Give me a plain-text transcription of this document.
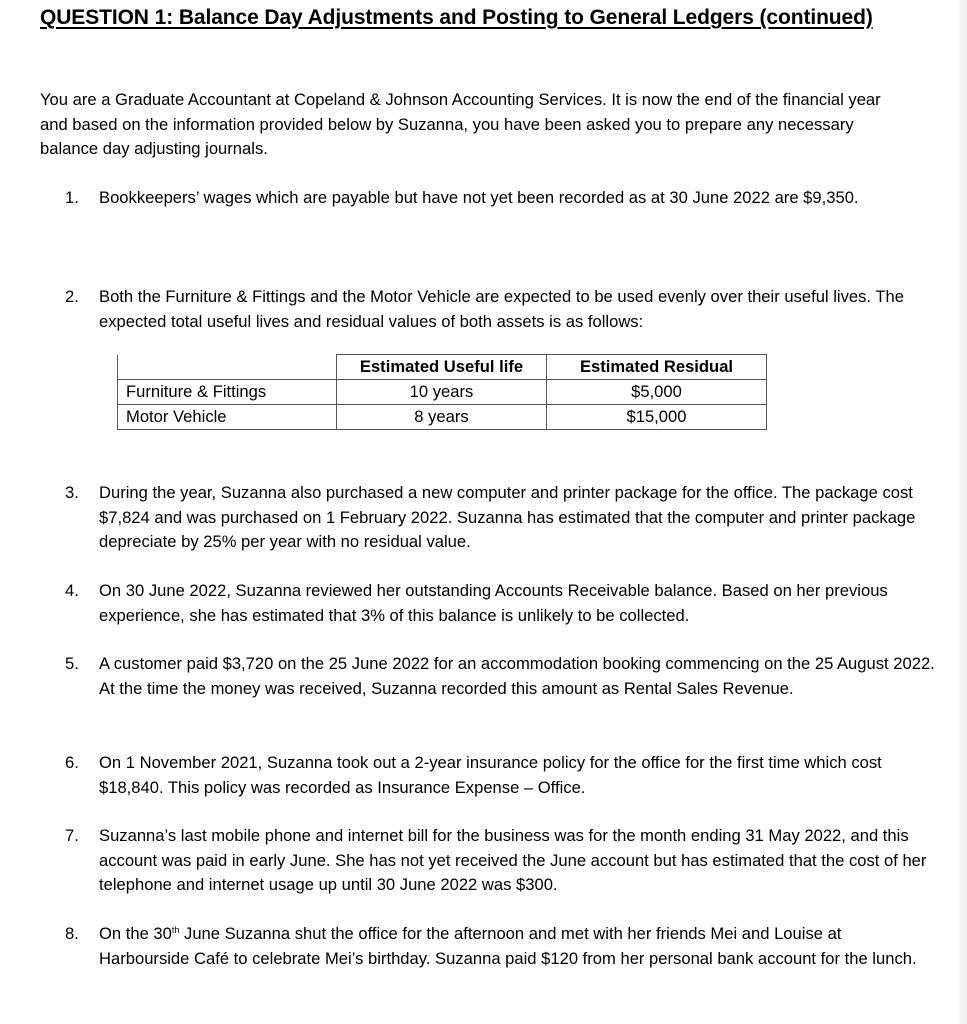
QUESTION 1: Balance Day Adjustments and Posting to General Ledgers (continued)
You are a Graduate Accountant at Copeland & Johnson Accounting Services. It is now the end of the financial year and based on the information provided below by Suzanna, you have been asked you to prepare any necessary balance day adjusting journals.
1. Bookkeepers’ wages which are payable but have not yet been recorded as at 30 June 2022 are $9,350.
2. Both the Furniture & Fittings and the Motor Vehicle are expected to be used evenly over their useful lives. The expected total useful lives and residual values of both assets is as follows:
	Estimated Useful life	Estimated Residual
Furniture & Fittings	10 years	$5,000
Motor Vehicle	8 years	$15,000
3. During the year, Suzanna also purchased a new computer and printer package for the office. The package cost $7,824 and was purchased on 1 February 2022. Suzanna has estimated that the computer and printer package depreciate by 25% per year with no residual value.
4. On 30 June 2022, Suzanna reviewed her outstanding Accounts Receivable balance. Based on her previous experience, she has estimated that 3% of this balance is unlikely to be collected.
5. A customer paid $3,720 on the 25 June 2022 for an accommodation booking commencing on the 25 August 2022. At the time the money was received, Suzanna recorded this amount as Rental Sales Revenue.
6. On 1 November 2021, Suzanna took out a 2-year insurance policy for the office for the first time which cost $18,840. This policy was recorded as Insurance Expense – Office.
7. Suzanna’s last mobile phone and internet bill for the business was for the month ending 31 May 2022, and this account was paid in early June. She has not yet received the June account but has estimated that the cost of her telephone and internet usage up until 30 June 2022 was $300.
8. On the 30th June Suzanna shut the office for the afternoon and met with her friends Mei and Louise at Harbourside Café to celebrate Mei’s birthday. Suzanna paid $120 from her personal bank account for the lunch.
